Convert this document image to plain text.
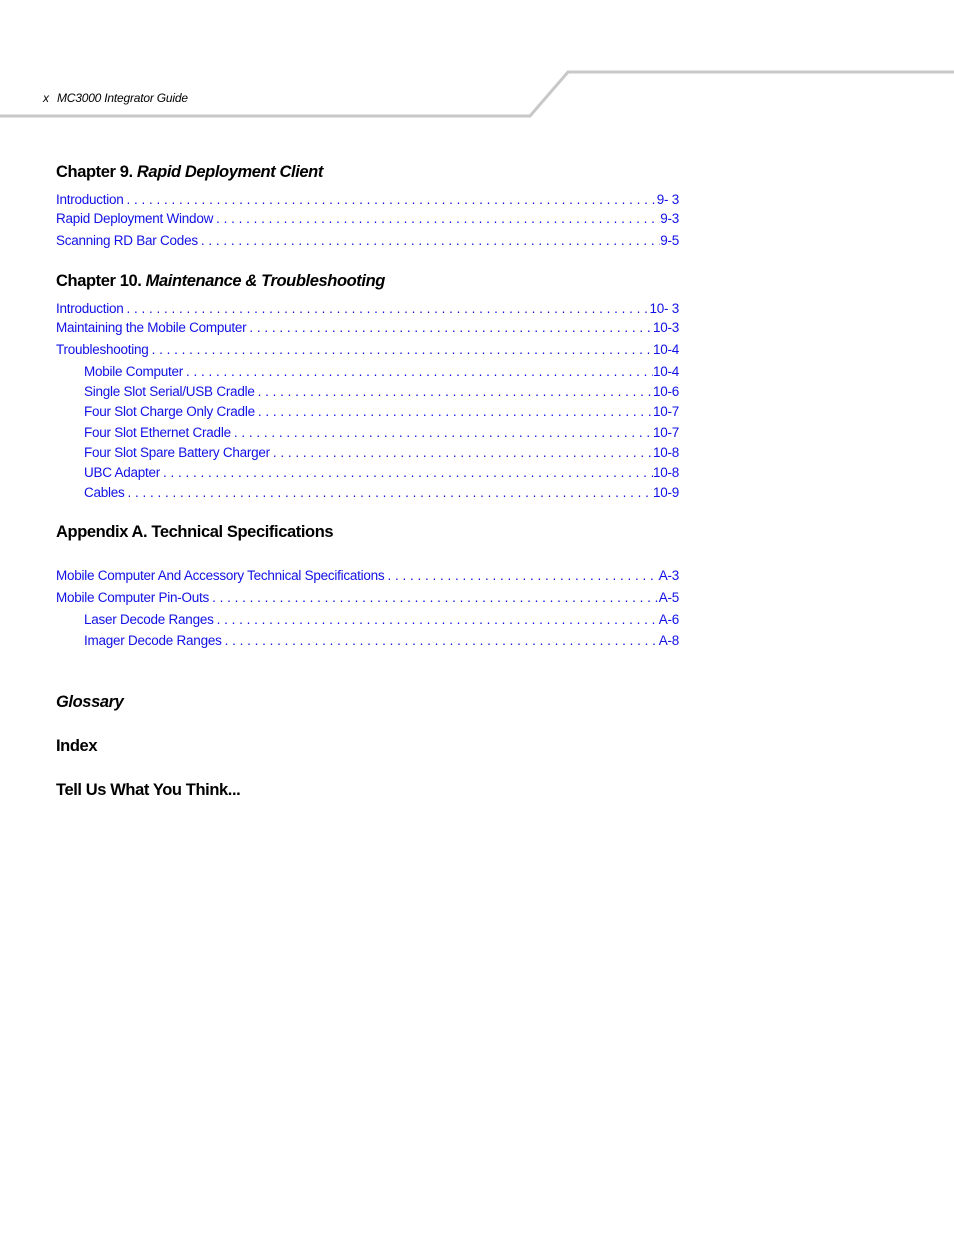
x MC3000 Integrator Guide
Chapter 9. Rapid Deployment Client
Introduction . . .	9- 3
Rapid Deployment Window . . .	9-3
Scanning RD Bar Codes . . .	9-5
Chapter 10. Maintenance & Troubleshooting
Introduction . . .	10- 3
Maintaining the Mobile Computer . . .	10-3
Troubleshooting . . .	10-4
Mobile Computer . . .	10-4
Single Slot Serial/USB Cradle . . .	10-6
Four Slot Charge Only Cradle . . .	10-7
Four Slot Ethernet Cradle . . .	10-7
Four Slot Spare Battery Charger . . .	10-8
UBC Adapter . . .	10-8
Cables . . .	10-9
Appendix A. Technical Specifications
Mobile Computer And Accessory Technical Specifications . . .	A-3
Mobile Computer Pin-Outs . . .	A-5
Laser Decode Ranges . . .	A-6
Imager Decode Ranges . . .	A-8
Glossary
Index
Tell Us What You Think...
